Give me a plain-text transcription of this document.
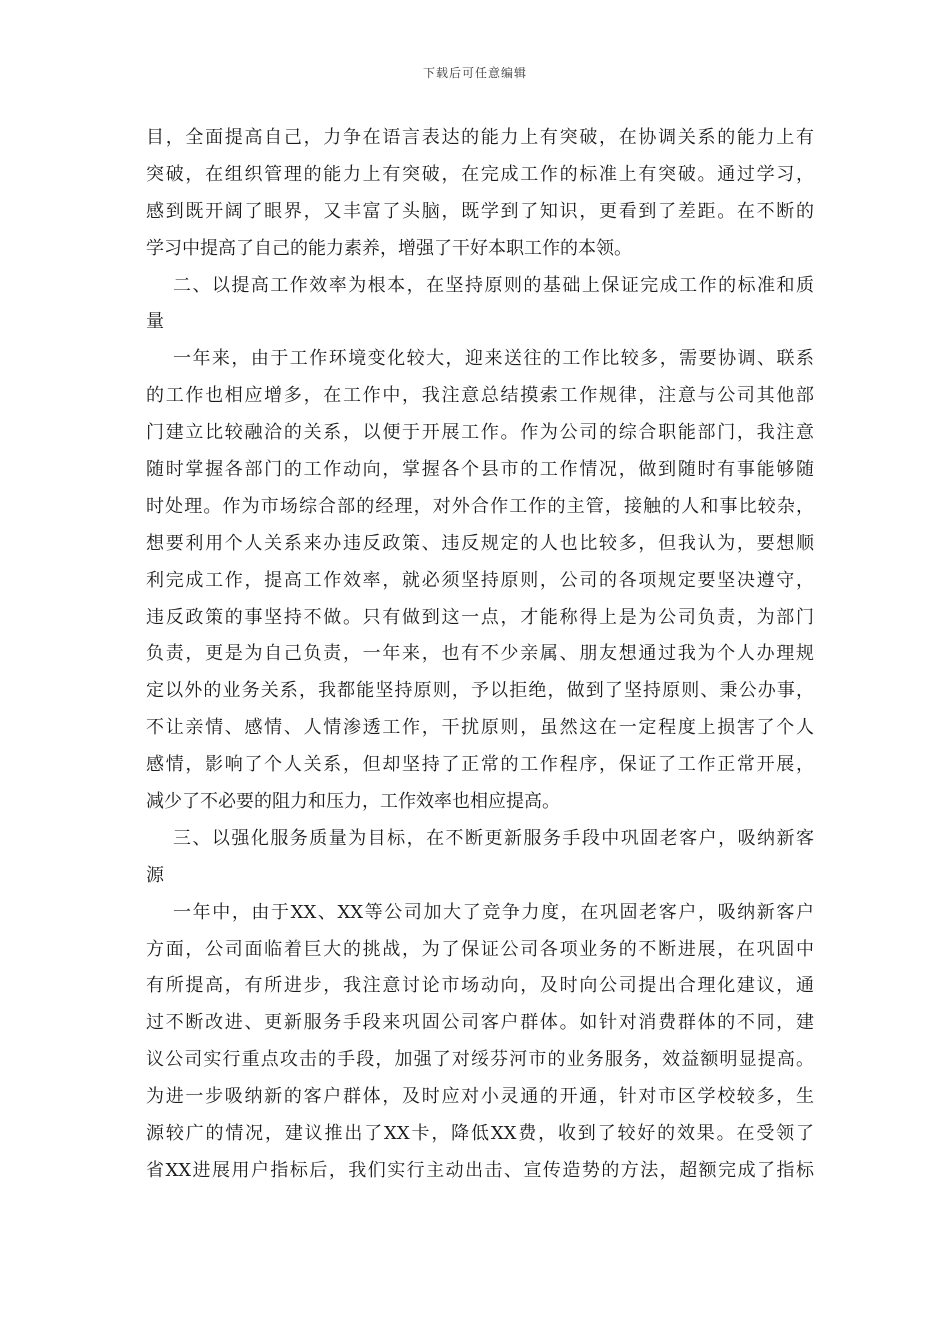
下载后可任意编辑
目，全面提高自己，力争在语言表达的能力上有突破，在协调关系的能力上有
突破，在组织管理的能力上有突破，在完成工作的标准上有突破。通过学习，
感到既开阔了眼界，又丰富了头脑，既学到了知识，更看到了差距。在不断的
学习中提高了自己的能力素养，增强了干好本职工作的本领。
二、以提高工作效率为根本，在坚持原则的基础上保证完成工作的标准和质
量
一年来，由于工作环境变化较大，迎来送往的工作比较多，需要协调、联系
的工作也相应增多，在工作中，我注意总结摸索工作规律，注意与公司其他部
门建立比较融洽的关系，以便于开展工作。作为公司的综合职能部门，我注意
随时掌握各部门的工作动向，掌握各个县市的工作情况，做到随时有事能够随
时处理。作为市场综合部的经理，对外合作工作的主管，接触的人和事比较杂，
想要利用个人关系来办违反政策、违反规定的人也比较多，但我认为，要想顺
利完成工作，提高工作效率，就必须坚持原则，公司的各项规定要坚决遵守，
违反政策的事坚持不做。只有做到这一点，才能称得上是为公司负责，为部门
负责，更是为自己负责，一年来，也有不少亲属、朋友想通过我为个人办理规
定以外的业务关系，我都能坚持原则，予以拒绝，做到了坚持原则、秉公办事，
不让亲情、感情、人情渗透工作，干扰原则，虽然这在一定程度上损害了个人
感情，影响了个人关系，但却坚持了正常的工作程序，保证了工作正常开展，
减少了不必要的阻力和压力，工作效率也相应提高。
三、以强化服务质量为目标，在不断更新服务手段中巩固老客户，吸纳新客
源
一年中，由于XX、XX等公司加大了竞争力度，在巩固老客户，吸纳新客户
方面，公司面临着巨大的挑战，为了保证公司各项业务的不断进展，在巩固中
有所提高，有所进步，我注意讨论市场动向，及时向公司提出合理化建议，通
过不断改进、更新服务手段来巩固公司客户群体。如针对消费群体的不同，建
议公司实行重点攻击的手段，加强了对绥芬河市的业务服务，效益额明显提高。
为进一步吸纳新的客户群体，及时应对小灵通的开通，针对市区学校较多，生
源较广的情况，建议推出了XX卡，降低XX费，收到了较好的效果。在受领了
省XX进展用户指标后，我们实行主动出击、宣传造势的方法，超额完成了指标
